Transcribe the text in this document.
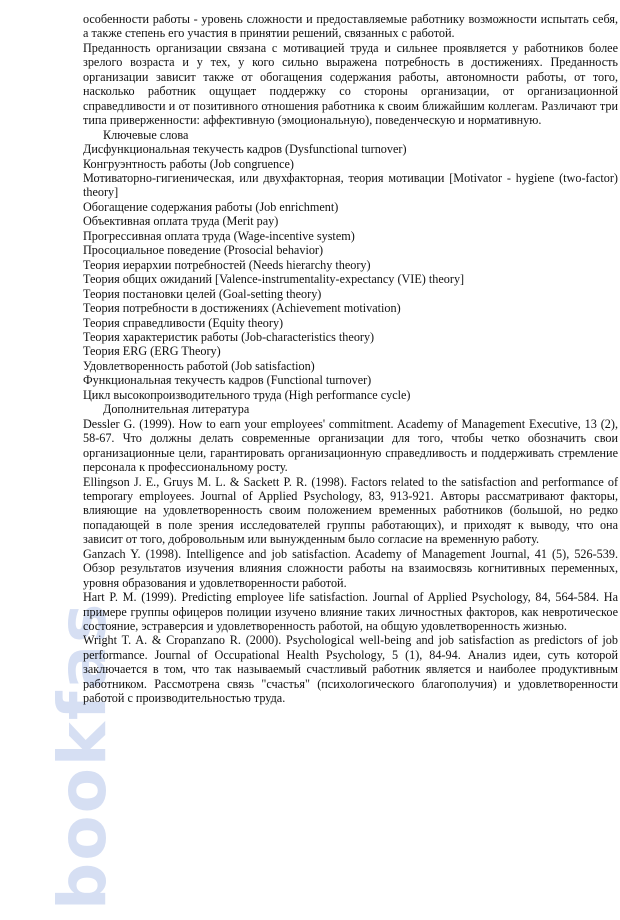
bookfas
особенности работы - уровень сложности и предоставляемые работнику возможности испытать себя, а также степень его участия в принятии решений, связанных с работой.
Преданность организации связана с мотивацией труда и сильнее проявляется у работников более зрелого возраста и у тех, у кого сильно выражена потребность в достижениях. Преданность организации зависит также от обогащения содержания работы, автономности работы, от того, насколько работник ощущает поддержку со стороны организации, от организационной справедливости и от позитивного отношения работника к своим ближайшим коллегам. Различают три типа приверженности: аффективную (эмоциональную), поведенческую и нормативную.
Ключевые слова
Дисфункциональная текучесть кадров (Dysfunctional turnover)
Конгруэнтность работы (Job congruence)
Мотиваторно-гигиеническая, или двухфакторная, теория мотивации [Motivator - hygiene (two-factor) theory]
Обогащение содержания работы (Job enrichment)
Объективная оплата труда (Merit pay)
Прогрессивная оплата труда (Wage-incentive system)
Просоциальное поведение (Prosocial behavior)
Теория иерархии потребностей (Needs hierarchy theory)
Теория общих ожиданий [Valence-instrumentality-expectancy (VIE) theory]
Теория постановки целей (Goal-setting theory)
Теория потребности в достижениях (Achievement motivation)
Теория справедливости (Equity theory)
Теория характеристик работы (Job-characteristics theory)
Теория ERG (ERG Theory)
Удовлетворенность работой (Job satisfaction)
Функциональная текучесть кадров (Functional turnover)
Цикл высокопроизводительного труда (High performance cycle)
Дополнительная литература
Dessler G. (1999). How to earn your employees' commitment. Academy of Management Executive, 13 (2), 58-67. Что должны делать современные организации для того, чтобы четко обозначить свои организационные цели, гарантировать организационную справедливость и поддерживать стремление персонала к профессиональному росту.
Ellingson J. E., Gruys M. L. & Sackett P. R. (1998). Factors related to the satisfaction and performance of temporary employees. Journal of Applied Psychology, 83, 913-921. Авторы рассматривают факторы, влияющие на удовлетворенность своим положением временных работников (большой, но редко попадающей в поле зрения исследователей группы работающих), и приходят к выводу, что она зависит от того, добровольным или вынужденным было согласие на временную работу.
Ganzach Y. (1998). Intelligence and job satisfaction. Academy of Management Journal, 41 (5), 526-539. Обзор результатов изучения влияния сложности работы на взаимосвязь когнитивных переменных, уровня образования и удовлетворенности работой.
Hart P. M. (1999). Predicting employee life satisfaction. Journal of Applied Psychology, 84, 564-584. На примере группы офицеров полиции изучено влияние таких личностных факторов, как невротическое состояние, эстраверсия и удовлетворенность работой, на общую удовлетворенность жизнью.
Wright T. A. & Cropanzano R. (2000). Psychological well-being and job satisfaction as predictors of job performance. Journal of Occupational Health Psychology, 5 (1), 84-94. Анализ идеи, суть которой заключается в том, что так называемый счастливый работник является и наиболее продуктивным работником. Рассмотрена связь "счастья" (психологического благополучия) и удовлетворенности работой с производительностью труда.
